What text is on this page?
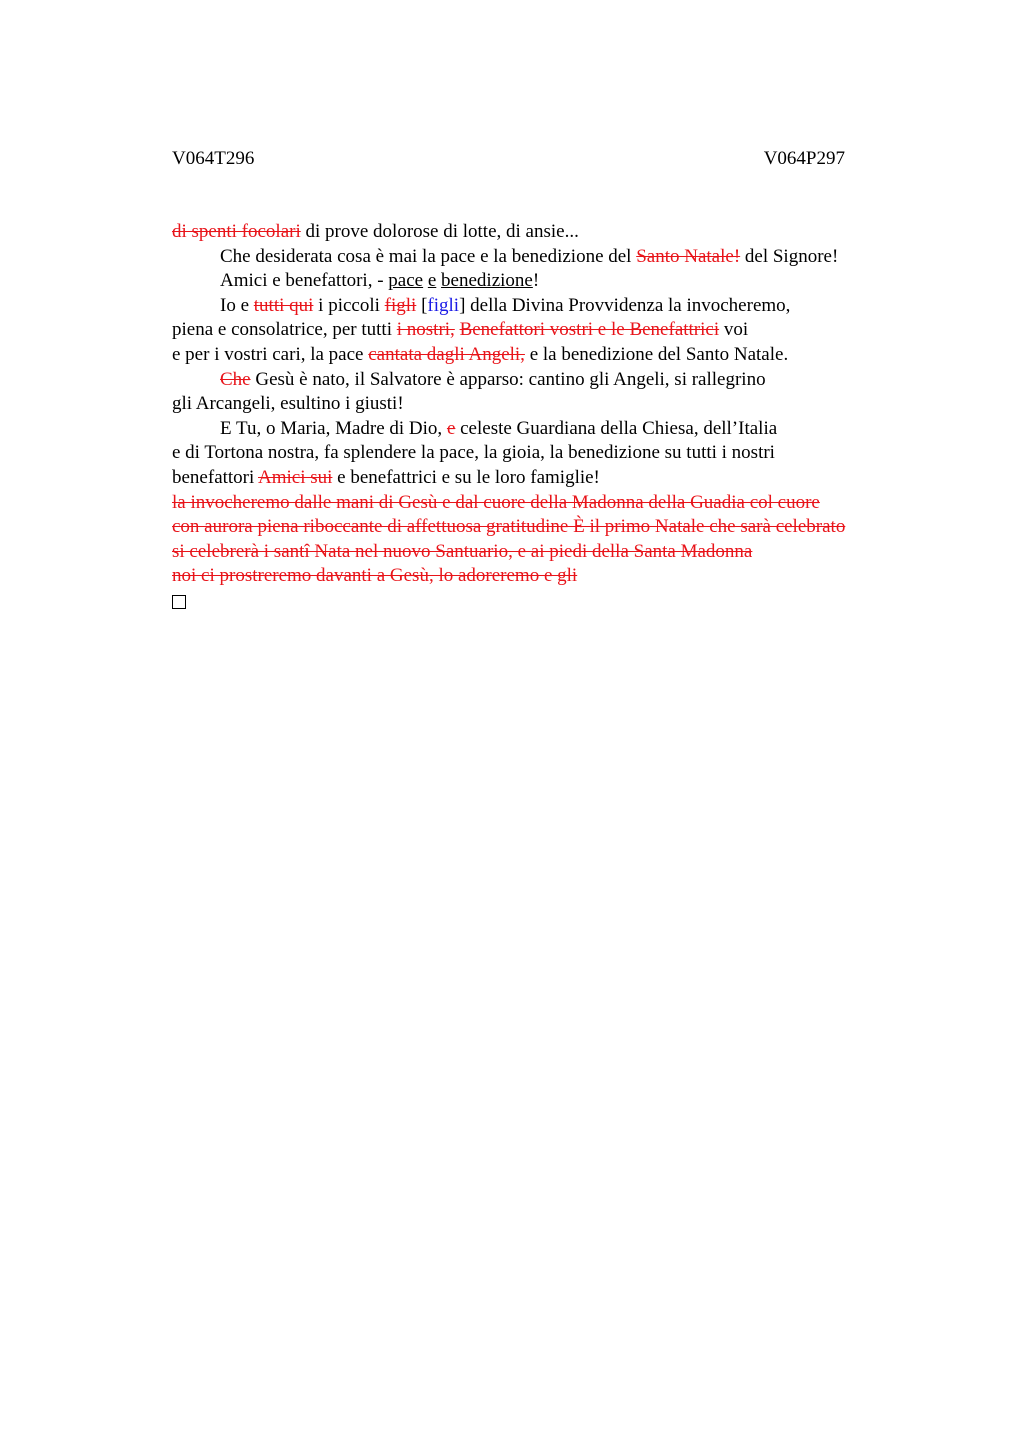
V064T296	V064P297
di spenti focolari di prove dolorose di lotte, di ansie...
Che desiderata cosa è mai la pace e la benedizione del Santo Natale! del Signore!
Amici e benefattori, - pace e benedizione!
Io e tutti qui i piccoli figli [figli] della Divina Provvidenza la invocheremo,
piena e consolatrice, per tutti i nostri, Benefattori vostri e le Benefattrici voi
e per i vostri cari, la pace cantata dagli Angeli, e la benedizione del Santo Natale.
Che Gesù è nato, il Salvatore è apparso: cantino gli Angeli, si rallegrino
gli Arcangeli, esultino i giusti!
E Tu, o Maria, Madre di Dio, e celeste Guardiana della Chiesa, dell’Italia
e di Tortona nostra, fa splendere la pace, la gioia, la benedizione su tutti i nostri
benefattori Amici sui e benefattrici e su le loro famiglie!
la invocheremo dalle mani di Gesù e dal cuore della Madonna della Guadia col cuore
con aurora piena riboccante di affettuosa gratitudine È il primo Natale che sarà celebrato
si celebrerà i santî Nata nel nuovo Santuario, e ai piedi della Santa Madonna
noi ci prostreremo davanti a Gesù, lo adoreremo e gli
